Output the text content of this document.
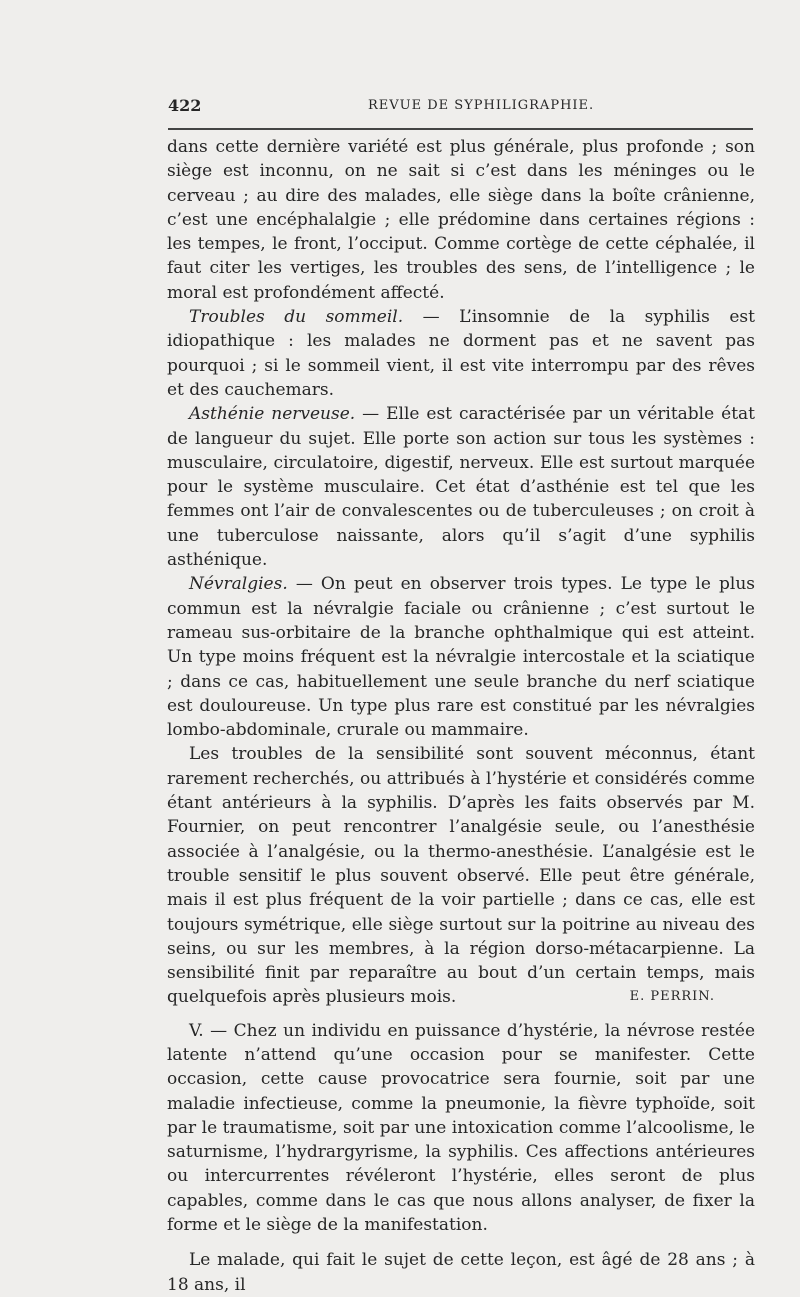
422	REVUE DE SYPHILIGRAPHIE.

dans cette dernière variété est plus générale, plus profonde ; son siège est inconnu, on ne sait si c’est dans les méninges ou le cerveau ; au dire des malades, elle siège dans la boîte crânienne, c’est une encéphalalgie ; elle prédomine dans certaines régions : les tempes, le front, l’occiput. Comme cortège de cette céphalée, il faut citer les vertiges, les troubles des sens, de l’intelligence ; le moral est profondément affecté.

Troubles du sommeil. — L’insomnie de la syphilis est idiopathique : les malades ne dorment pas et ne savent pas pourquoi ; si le sommeil vient, il est vite interrompu par des rêves et des cauchemars.

Asthénie nerveuse. — Elle est caractérisée par un véritable état de langueur du sujet. Elle porte son action sur tous les systèmes : musculaire, circulatoire, digestif, nerveux. Elle est surtout marquée pour le système musculaire. Cet état d’asthénie est tel que les femmes ont l’air de convalescentes ou de tuberculeuses ; on croit à une tuberculose naissante, alors qu’il s’agit d’une syphilis asthénique.

Névralgies. — On peut en observer trois types. Le type le plus commun est la névralgie faciale ou crânienne ; c’est surtout le rameau sus-orbitaire de la branche ophthalmique qui est atteint. Un type moins fréquent est la névralgie intercostale et la sciatique ; dans ce cas, habituellement une seule branche du nerf sciatique est douloureuse. Un type plus rare est constitué par les névralgies lombo-abdominale, crurale ou mammaire.

Les troubles de la sensibilité sont souvent méconnus, étant rarement recherchés, ou attribués à l’hystérie et considérés comme étant antérieurs à la syphilis. D’après les faits observés par M. Fournier, on peut rencontrer l’analgésie seule, ou l’anesthésie associée à l’analgésie, ou la thermo-anesthésie. L’analgésie est le trouble sensitif le plus souvent observé. Elle peut être générale, mais il est plus fréquent de la voir partielle ; dans ce cas, elle est toujours symétrique, elle siège surtout sur la poitrine au niveau des seins, ou sur les membres, à la région dorso-métacarpienne. La sensibilité finit par reparaître au bout d’un certain temps, mais quelquefois après plusieurs mois.	E. PERRIN.

V. — Chez un individu en puissance d’hystérie, la névrose restée latente n’attend qu’une occasion pour se manifester. Cette occasion, cette cause provocatrice sera fournie, soit par une maladie infectieuse, comme la pneumonie, la fièvre typhoïde, soit par le traumatisme, soit par une intoxication comme l’alcoolisme, le saturnisme, l’hydrargyrisme, la syphilis. Ces affections antérieures ou intercurrentes révéleront l’hystérie, elles seront de plus capables, comme dans le cas que nous allons analyser, de fixer la forme et le siège de la manifestation.

Le malade, qui fait le sujet de cette leçon, est âgé de 28 ans ; à 18 ans, il
